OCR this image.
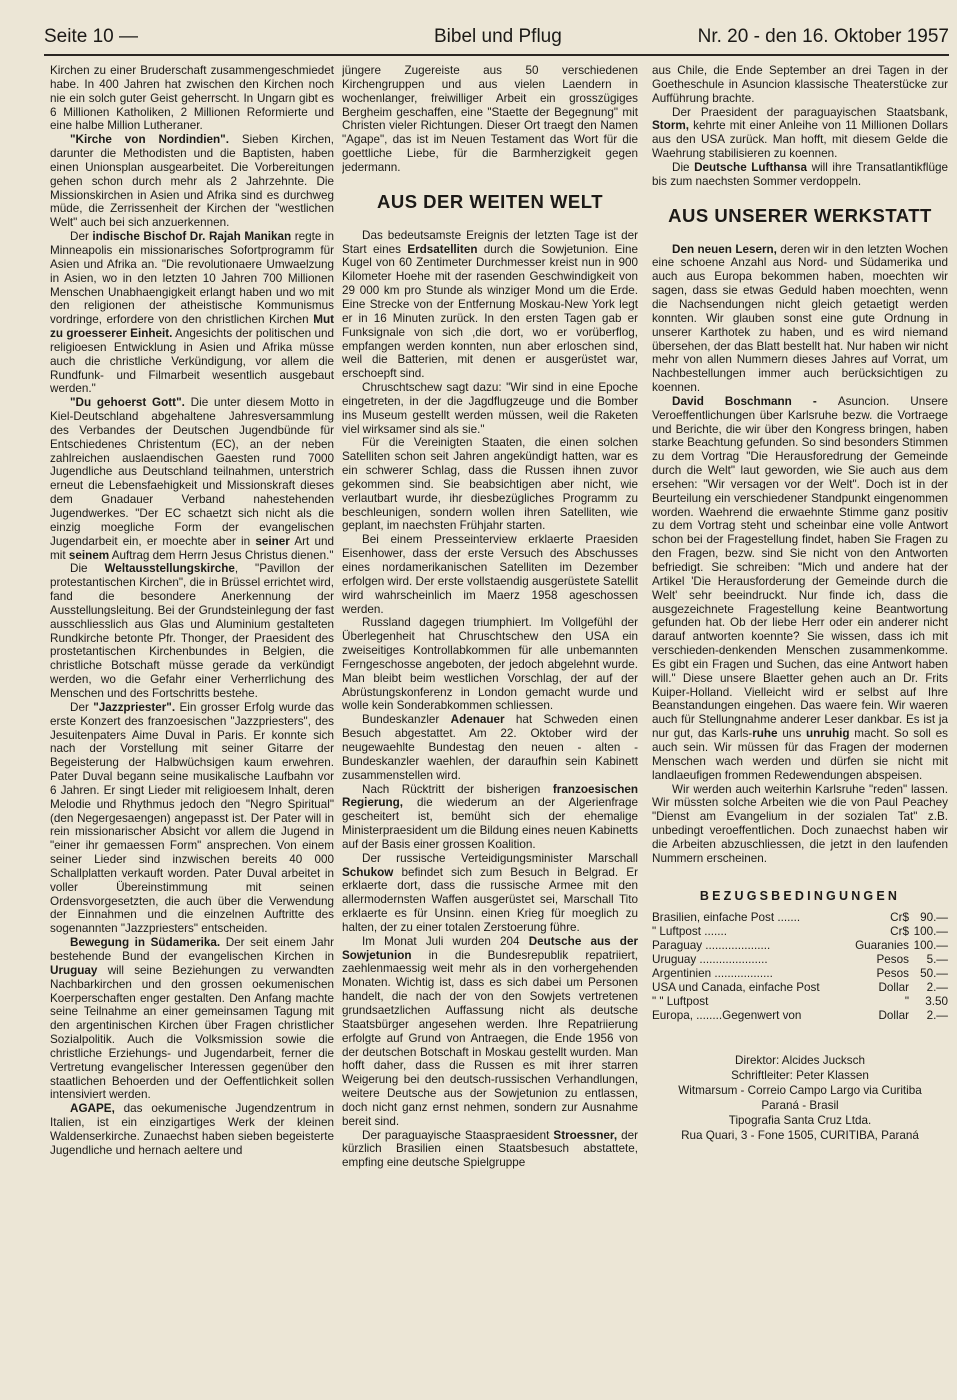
Seite 10 —	Bibel und Pflug	Nr. 20 - den 16. Oktober 1957

Kirchen zu einer Bruderschaft zusammengeschmiedet habe. In 400 Jahren hat zwischen den Kirchen noch nie ein solch guter Geist geherrscht. In Ungarn gibt es 6 Millionen Katholiken, 2 Millionen Reformierte und eine halbe Million Lutheraner.

"Kirche von Nordindien". Sieben Kirchen, darunter die Methodisten und die Baptisten, haben einen Unionsplan ausgearbeitet. Die Vorbereitungen gehen schon durch mehr als 2 Jahrzehnte. Die Missionskirchen in Asien und Afrika sind es durchweg müde, die Zerrissenheit der Kirchen der "westlichen Welt" auch bei sich anzuerkennen.

Der indische Bischof Dr. Rajah Manikan regte in Minneapolis ein missionarisches Sofortprogramm für Asien und Afrika an. "Die revolutionaere Umwaelzung in Asien, wo in den letzten 10 Jahren 700 Millionen Menschen Unabhaengigkeit erlangt haben und wo mit den religionen der atheistische Kommunismus vordringe, erfordere von den christlichen Kirchen Mut zu groesserer Einheit. Angesichts der politischen und religioesen Entwicklung in Asien und Afrika müsse auch die christliche Verkündigung, vor allem die Rundfunk- und Filmarbeit wesentlich ausgebaut werden."

"Du gehoerst Gott". Die unter diesem Motto in Kiel-Deutschland abgehaltene Jahresversammlung des Verbandes der Deutschen Jugendbünde für Entschiedenes Christentum (EC), an der neben zahlreichen auslaendischen Gaesten rund 7000 Jugendliche aus Deutschland teilnahmen, unterstrich erneut die Lebensfaehigkeit und Missionskraft dieses dem Gnadauer Verband nahestehenden Jugendwerkes. "Der EC schaetzt sich nicht als die einzig moegliche Form der evangelischen Jugendarbeit ein, er moechte aber in seiner Art und mit seinem Auftrag dem Herrn Jesus Christus dienen."

Die Weltausstellungskirche, "Pavillon der protestantischen Kirchen", die in Brüssel errichtet wird, fand die besondere Anerkennung der Ausstellungsleitung. Bei der Grundsteinlegung der fast ausschliesslich aus Glas und Aluminium gestalteten Rundkirche betonte Pfr. Thonger, der Praesident des prostetantischen Kirchenbundes in Belgien, die christliche Botschaft müsse gerade da verkündigt werden, wo die Gefahr einer Verherrlichung des Menschen und des Fortschritts bestehe.

Der "Jazzpriester". Ein grosser Erfolg wurde das erste Konzert des franzoesischen "Jazzpriesters", des Jesuitenpaters Aime Duval in Paris. Er konnte sich nach der Vorstellung mit seiner Gitarre der Begeisterung der Halbwüchsigen kaum erwehren. Pater Duval begann seine musikalische Laufbahn vor 6 Jahren. Er singt Lieder mit religioesem Inhalt, deren Melodie und Rhythmus jedoch den "Negro Spiritual" (den Negergesaengen) angepasst ist. Der Pater will in rein missionarischer Absicht vor allem die Jugend in "einer ihr gemaessen Form" ansprechen. Von einem seiner Lieder sind inzwischen bereits 40 000 Schallplatten verkauft worden. Pater Duval arbeitet in voller Übereinstimmung mit seinen Ordensvorgesetzten, die auch über die Verwendung der Einnahmen und die einzelnen Auftritte des sogenannten "Jazzpriesters" entscheiden.

Bewegung in Südamerika. Der seit einem Jahr bestehende Bund der evangelischen Kirchen in Uruguay will seine Beziehungen zu verwandten Nachbarkirchen und den grossen oekumenischen Koerperschaften enger gestalten. Den Anfang machte seine Teilnahme an einer gemeinsamen Tagung mit den argentinischen Kirchen über Fragen christlicher Sozialpolitik. Auch die Volksmission sowie die christliche Erziehungs- und Jugendarbeit, ferner die Vertretung evangelischer Interessen gegenüber den staatlichen Behoerden und der Oeffentlichkeit sollen intensiviert werden.

AGAPE, das oekumenische Jugendzentrum in Italien, ist ein einzigartiges Werk der kleinen Waldenserkirche. Zunaechst haben sieben begeisterte Jugendliche und hernach aeltere und

jüngere Zugereiste aus 50 verschiedenen Kirchengruppen und aus vielen Laendern in wochenlanger, freiwilliger Arbeit ein grosszügiges Bergheim geschaffen, eine "Staette der Begegnung" mit Christen vieler Richtungen. Dieser Ort traegt den Namen "Agape", das ist im Neuen Testament das Wort für die goettliche Liebe, für die Barmherzigkeit gegen jedermann.

AUS DER WEITEN WELT

Das bedeutsamste Ereignis der letzten Tage ist der Start eines Erdsatelliten durch die Sowjetunion. Eine Kugel von 60 Zentimeter Durchmesser kreist nun in 900 Kilometer Hoehe mit der rasenden Geschwindigkeit von 29 000 km pro Stunde als winziger Mond um die Erde. Eine Strecke von der Entfernung Moskau-New York legt er in 16 Minuten zurück. In den ersten Tagen gab er Funksignale von sich ,die dort, wo er vorüberflog, empfangen werden konnten, nun aber erloschen sind, weil die Batterien, mit denen er ausgerüstet war, erschoepft sind.

Chruschtschew sagt dazu: "Wir sind in eine Epoche eingetreten, in der die Jagdflugzeuge und die Bomber ins Museum gestellt werden müssen, weil die Raketen viel wirksamer sind als sie."

Für die Vereinigten Staaten, die einen solchen Satelliten schon seit Jahren angekündigt hatten, war es ein schwerer Schlag, dass die Russen ihnen zuvor gekommen sind. Sie beabsichtigen aber nicht, wie verlautbart wurde, ihr diesbezügliches Programm zu beschleunigen, sondern wollen ihren Satelliten, wie geplant, im naechsten Frühjahr starten.

Bei einem Presseinterview erklaerte Praesiden Eisenhower, dass der erste Versuch des Abschusses eines nordamerikanischen Satelliten im Dezember erfolgen wird. Der erste vollstaendig ausgerüstete Satellit wird wahrscheinlich im Maerz 1958 ageschossen werden.

Russland dagegen triumphiert. Im Vollgefühl der Überlegenheit hat Chruschtschew den USA ein zweiseitiges Kontrollabkommen für alle unbemannten Ferngeschosse angeboten, der jedoch abgelehnt wurde. Man bleibt beim westlichen Vorschlag, der auf der Abrüstungskonferenz in London gemacht wurde und wolle kein Sonderabkommen schliessen.

Bundeskanzler Adenauer hat Schweden einen Besuch abgestattet. Am 22. Oktober wird der neugewaehlte Bundestag den neuen - alten - Bundeskanzler waehlen, der daraufhin sein Kabinett zusammenstellen wird.

Nach Rücktritt der bisherigen franzoesischen Regierung, die wiederum an der Algerienfrage gescheitert ist, bemüht sich der ehemalige Ministerpraesident um die Bildung eines neuen Kabinetts auf der Basis einer grossen Koalition.

Der russische Verteidigungsminister Marschall Schukow befindet sich zum Besuch in Belgrad. Er erklaerte dort, dass die russische Armee mit den allermodernsten Waffen ausgerüstet sei, Marschall Tito erklaerte es für Unsinn. einen Krieg für moeglich zu halten, der zu einer totalen Zerstoerung führe.

Im Monat Juli wurden 204 Deutsche aus der Sowjetunion in die Bundesrepublik repatriiert, zaehlenmaessig weit mehr als in den vorhergehenden Monaten. Wichtig ist, dass es sich dabei um Personen handelt, die nach der von den Sowjets vertretenen grundsaetzlichen Auffassung nicht als deutsche Staatsbürger angesehen werden. Ihre Repatriierung erfolgte auf Grund von Antraegen, die Ende 1956 von der deutschen Botschaft in Moskau gestellt wurden. Man hofft daher, dass die Russen es mit ihrer starren Weigerung bei den deutsch-russischen Verhandlungen, weitere Deutsche aus der Sowjetunion zu entlassen, doch nicht ganz ernst nehmen, sondern zur Ausnahme bereit sind.

Der paraguayische Staaspraesident Stroessner, der kürzlich Brasilien einen Staatsbesuch abstattete, empfing eine deutsche Spielgruppe

aus Chile, die Ende September an drei Tagen in der Goetheschule in Asuncion klassische Theaterstücke zur Aufführung brachte.

Der Praesident der paraguayischen Staatsbank, Storm, kehrte mit einer Anleihe von 11 Millionen Dollars aus den USA zurück. Man hofft, mit diesem Gelde die Waehrung stabilisieren zu koennen.

Die Deutsche Lufthansa will ihre Transatlantikflüge bis zum naechsten Sommer verdoppeln.

AUS UNSERER WERKSTATT

Den neuen Lesern, deren wir in den letzten Wochen eine schoene Anzahl aus Nord- und Südamerika und auch aus Europa bekommen haben, moechten wir sagen, dass sie etwas Geduld haben moechten, wenn die Nachsendungen nicht gleich getaetigt werden konnten. Wir glauben sonst eine gute Ordnung in unserer Karthotek zu haben, und es wird niemand übersehen, der das Blatt bestellt hat. Nur haben wir nicht mehr von allen Nummern dieses Jahres auf Vorrat, um Nachbestellungen immer auch berücksichtigen zu koennen.

David Boschmann - Asuncion. Unsere Veroeffentlichungen über Karlsruhe bezw. die Vortraege und Berichte, die wir über den Kongress bringen, haben starke Beachtung gefunden. So sind besonders Stimmen zu dem Vortrag "Die Herausforedrung der Gemeinde durch die Welt" laut geworden, wie Sie auch aus dem ersehen: "Wir versagen vor der Welt". Doch ist in der Beurteilung ein verschiedener Standpunkt eingenommen worden. Waehrend die erwaehnte Stimme ganz positiv zu dem Vortrag steht und scheinbar eine volle Antwort schon bei der Fragestellung findet, haben Sie Fragen zu den Fragen, bezw. sind Sie nicht von den Antworten befriedigt. Sie schreiben: "Mich und andere hat der Artikel 'Die Herausforderung der Gemeinde durch die Welt' sehr beeindruckt. Nur finde ich, dass die ausgezeichnete Fragestellung keine Beantwortung gefunden hat. Ob der liebe Herr oder ein anderer nicht darauf antworten koennte? Sie wissen, dass ich mit verschieden-denkenden Menschen zusammenkomme. Es gibt ein Fragen und Suchen, das eine Antwort haben will." Diese unsere Blaetter gehen auch an Dr. Frits Kuiper-Holland. Vielleicht wird er selbst auf Ihre Beanstandungen eingehen. Das waere fein. Wir waeren auch für Stellungnahme anderer Leser dankbar. Es ist ja nur gut, das Karls-ruhe uns unruhig macht. So soll es auch sein. Wir müssen für das Fragen der modernen Menschen wach werden und dürfen sie nicht mit landlaeufigen frommen Redewendungen abspeisen.

Wir werden auch weiterhin Karlsruhe "reden" lassen. Wir müssten solche Arbeiten wie die von Paul Peachey "Dienst am Evangelium in der sozialen Tat" z.B. unbedingt veroeffentlichen. Doch zunaechst haben wir die Arbeiten abzuschliessen, die jetzt in den laufenden Nummern erscheinen.

BEZUGSBEDINGUNGEN
Brasilien, einfache Post .......	Cr$	90.—
" Luftpost .......	Cr$	100.—
Paraguay ....................	Guaranies	100.—
Uruguay .....................	Pesos	5.—
Argentinien ..................	Pesos	50.—
USA und Canada, einfache Post	Dollar	2.—
" " Luftpost	"	3.50
Europa, ........Gegenwert von	Dollar	2.—
Direktor: Alcides Jucksch
Schriftleiter: Peter Klassen
Witmarsum - Correio Campo Largo via Curitiba
Paraná - Brasil
Tipografia Santa Cruz Ltda.
Rua Quari, 3 - Fone 1505, CURITIBA, Paraná
